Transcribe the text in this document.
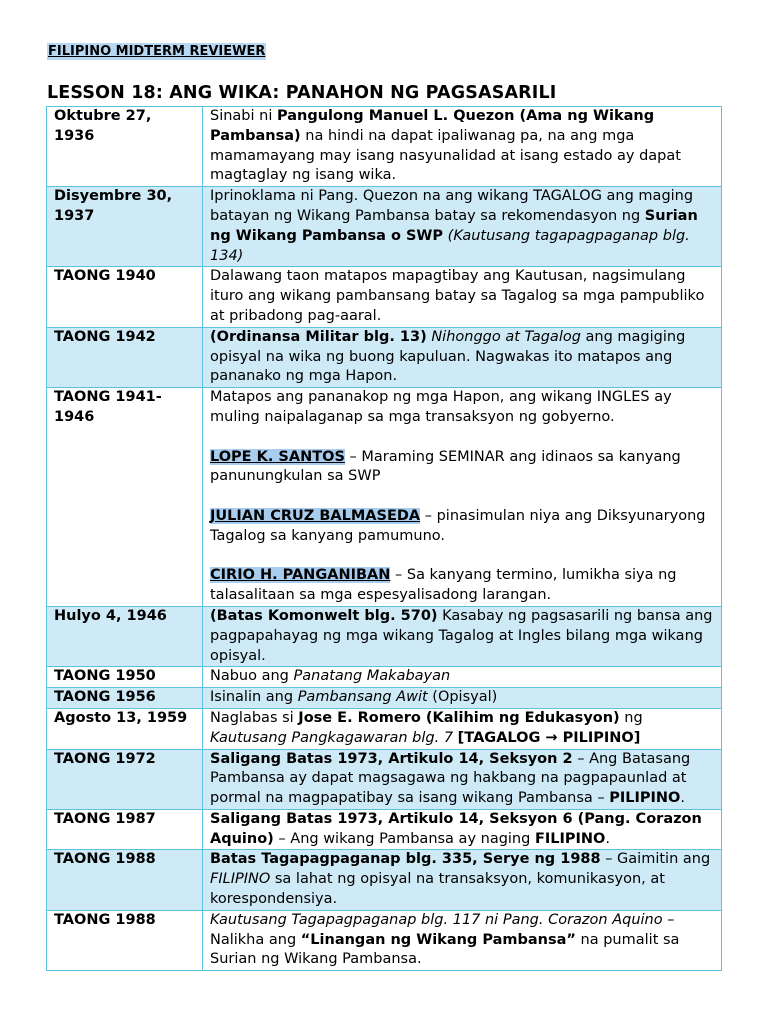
FILIPINO MIDTERM REVIEWER
LESSON 18: ANG WIKA: PANAHON NG PAGSASARILI
Oktubre 27, 1936	Sinabi ni Pangulong Manuel L. Quezon (Ama ng Wikang Pambansa) na hindi na dapat ipaliwanag pa, na ang mga mamamayang may isang nasyunalidad at isang estado ay dapat magtaglay ng isang wika.
Disyembre 30, 1937	Iprinoklama ni Pang. Quezon na ang wikang TAGALOG ang maging batayan ng Wikang Pambansa batay sa rekomendasyon ng Surian ng Wikang Pambansa o SWP (Kautusang tagapagpaganap blg. 134)
TAONG 1940	Dalawang taon matapos mapagtibay ang Kautusan, nagsimulang ituro ang wikang pambansang batay sa Tagalog sa mga pampubliko at pribadong pag-aaral.
TAONG 1942	(Ordinansa Militar blg. 13) Nihonggo at Tagalog ang magiging opisyal na wika ng buong kapuluan. Nagwakas ito matapos ang pananako ng mga Hapon.
TAONG 1941-1946	Matapos ang pananakop ng mga Hapon, ang wikang INGLES ay muling naipalaganap sa mga transaksyon ng gobyerno.

LOPE K. SANTOS – Maraming SEMINAR ang idinaos sa kanyang panunungkulan sa SWP

JULIAN CRUZ BALMASEDA – pinasimulan niya ang Diksyunaryong Tagalog sa kanyang pamumuno.

CIRIO H. PANGANIBAN – Sa kanyang termino, lumikha siya ng talasalitaan sa mga espesyalisadong larangan.

Hulyo 4, 1946	(Batas Komonwelt blg. 570) Kasabay ng pagsasarili ng bansa ang pagpapahayag ng mga wikang Tagalog at Ingles bilang mga wikang opisyal.
TAONG 1950	Nabuo ang Panatang Makabayan
TAONG 1956	Isinalin ang Pambansang Awit (Opisyal)
Agosto 13, 1959	Naglabas si Jose E. Romero (Kalihim ng Edukasyon) ng Kautusang Pangkagawaran blg. 7 [TAGALOG → PILIPINO]
TAONG 1972	Saligang Batas 1973, Artikulo 14, Seksyon 2 – Ang Batasang Pambansa ay dapat magsagawa ng hakbang na pagpapaunlad at pormal na magpapatibay sa isang wikang Pambansa – PILIPINO.
TAONG 1987	Saligang Batas 1973, Artikulo 14, Seksyon 6 (Pang. Corazon Aquino) – Ang wikang Pambansa ay naging FILIPINO.
TAONG 1988	Batas Tagapagpaganap blg. 335, Serye ng 1988 – Gaimitin ang FILIPINO sa lahat ng opisyal na transaksyon, komunikasyon, at korespondensiya.
TAONG 1988	Kautusang Tagapagpaganap blg. 117 ni Pang. Corazon Aquino – Nalikha ang “Linangan ng Wikang Pambansa” na pumalit sa Surian ng Wikang Pambansa.
